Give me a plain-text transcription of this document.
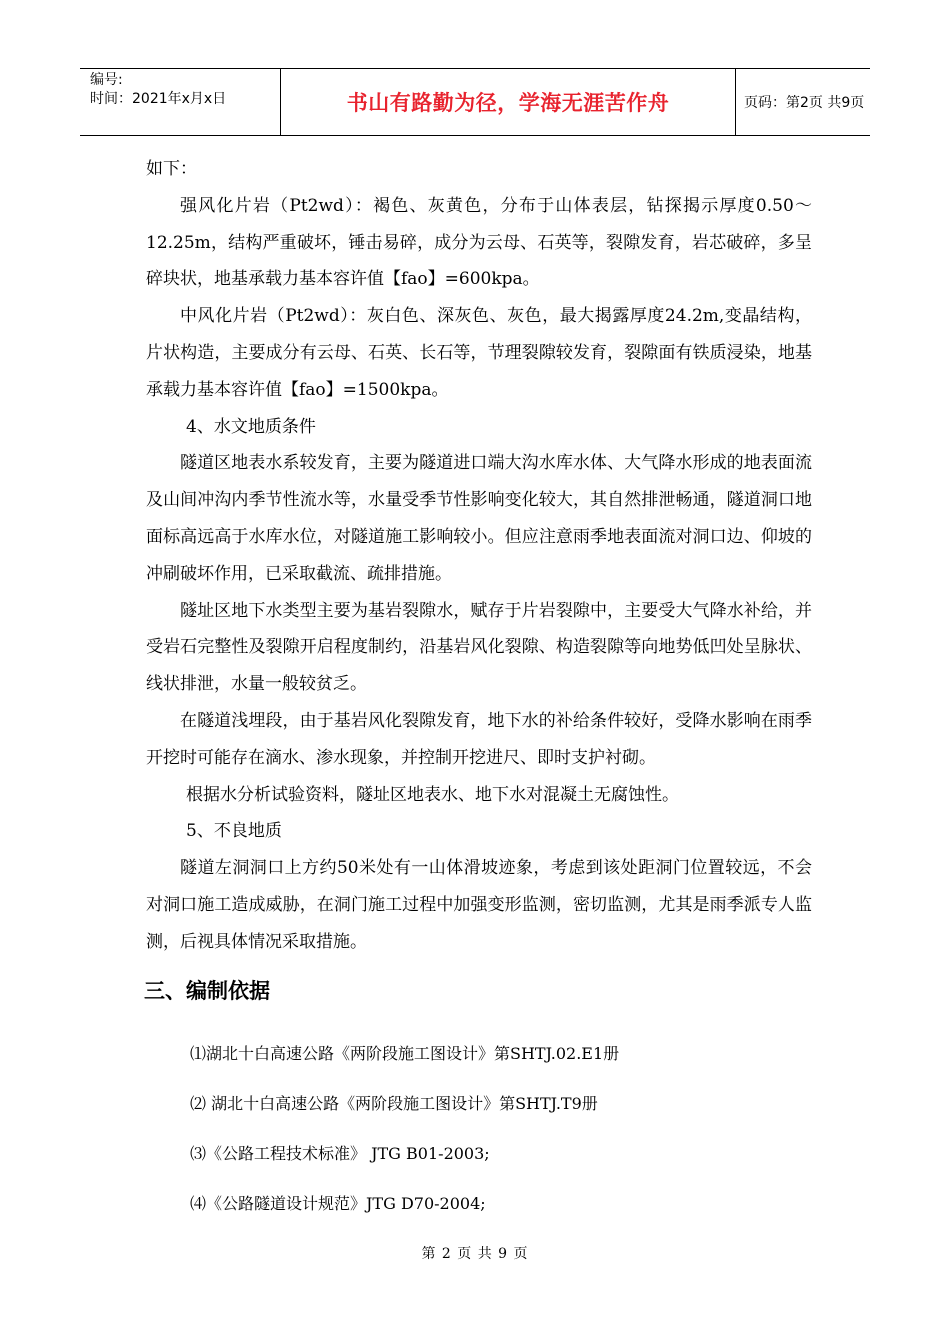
编号:
时间：2021年x月x日	书山有路勤为径，学海无涯苦作舟	页码：第2页 共9页

如下：

强风化片岩（Pt2wd）：褐色、灰黄色，分布于山体表层，钻探揭示厚度0.50～12.25m，结构严重破坏，锤击易碎，成分为云母、石英等，裂隙发育，岩芯破碎，多呈碎块状，地基承载力基本容许值【fao】=600kpa。

中风化片岩（Pt2wd）：灰白色、深灰色、灰色，最大揭露厚度24.2m,变晶结构，片状构造，主要成分有云母、石英、长石等，节理裂隙较发育，裂隙面有铁质浸染，地基承载力基本容许值【fao】=1500kpa。

4、水文地质条件

隧道区地表水系较发育，主要为隧道进口端大沟水库水体、大气降水形成的地表面流及山间冲沟内季节性流水等，水量受季节性影响变化较大，其自然排泄畅通，隧道洞口地面标高远高于水库水位，对隧道施工影响较小。但应注意雨季地表面流对洞口边、仰坡的冲刷破坏作用，已采取截流、疏排措施。

隧址区地下水类型主要为基岩裂隙水，赋存于片岩裂隙中，主要受大气降水补给，并受岩石完整性及裂隙开启程度制约，沿基岩风化裂隙、构造裂隙等向地势低凹处呈脉状、线状排泄，水量一般较贫乏。

在隧道浅埋段，由于基岩风化裂隙发育，地下水的补给条件较好，受降水影响在雨季开挖时可能存在滴水、渗水现象，并控制开挖进尺、即时支护衬砌。

根据水分析试验资料，隧址区地表水、地下水对混凝土无腐蚀性。

5、不良地质

隧道左洞洞口上方约50米处有一山体滑坡迹象，考虑到该处距洞门位置较远，不会对洞口施工造成威胁，在洞门施工过程中加强变形监测，密切监测，尤其是雨季派专人监测，后视具体情况采取措施。

三、编制依据

⑴湖北十白高速公路《两阶段施工图设计》第SHTJ.02.E1册

⑵ 湖北十白高速公路《两阶段施工图设计》第SHTJ.T9册

⑶《公路工程技术标准》 JTG B01-2003;

⑷《公路隧道设计规范》JTG D70-2004;

第 2 页 共 9 页
